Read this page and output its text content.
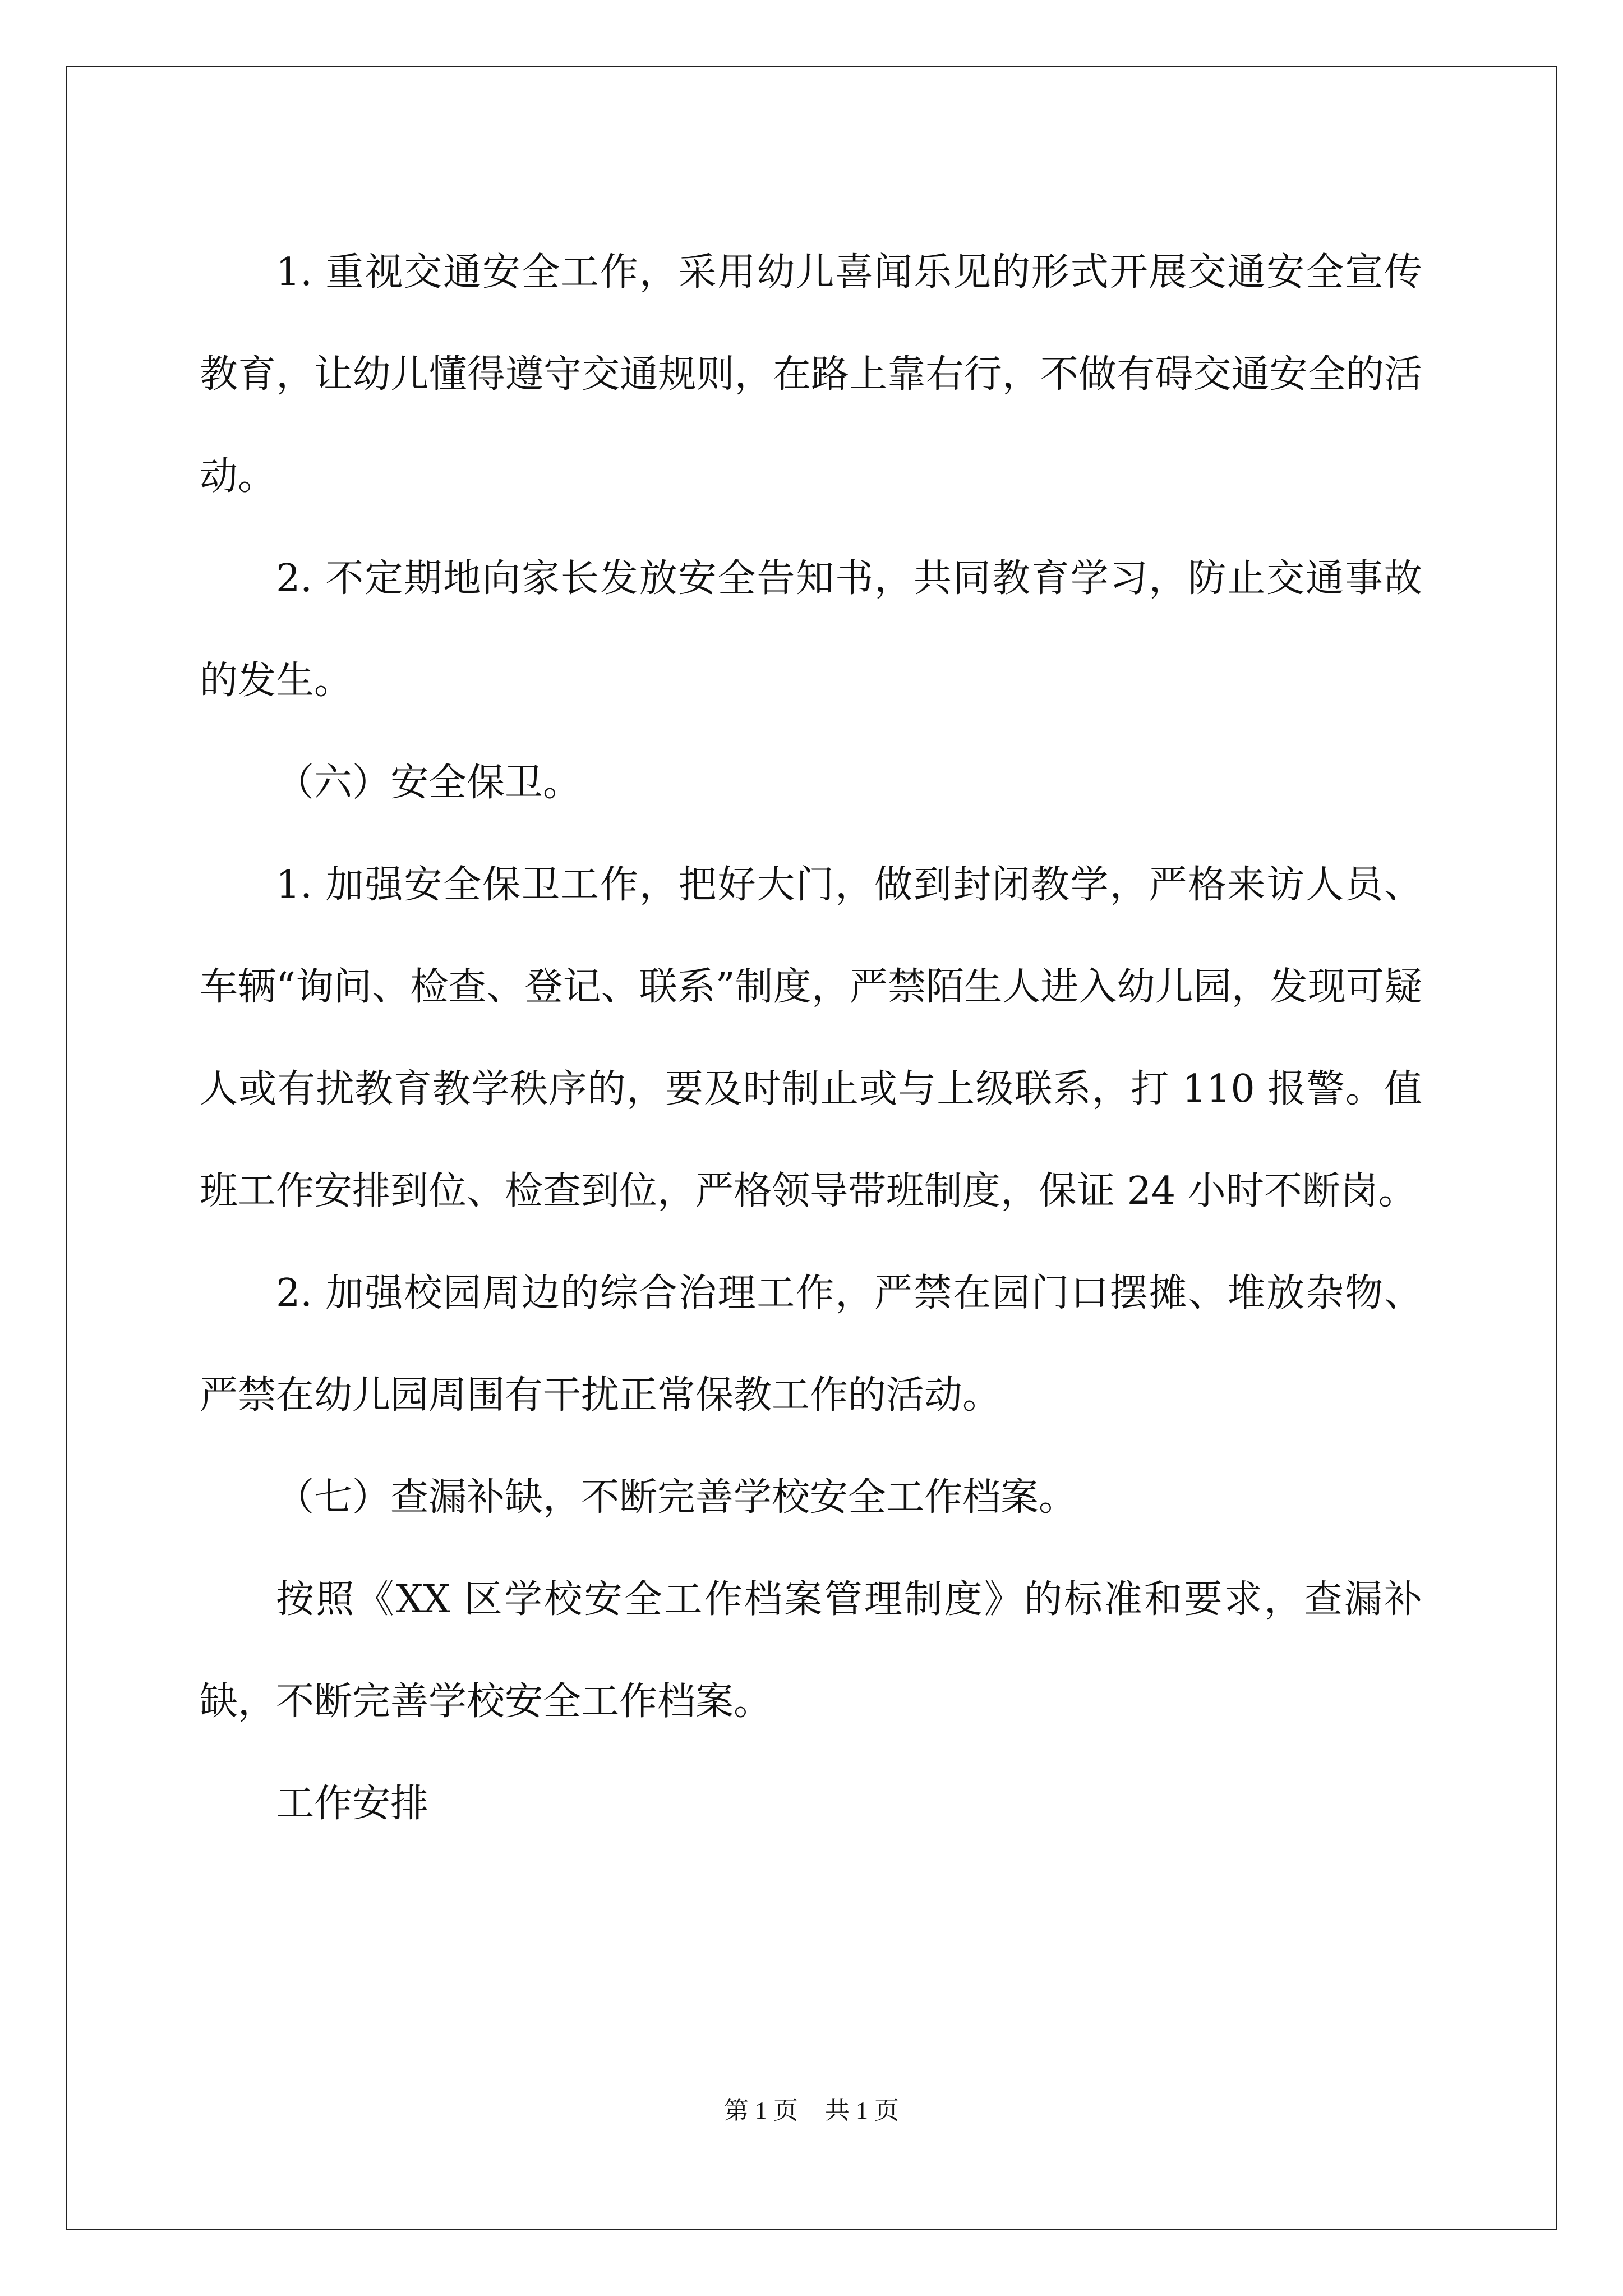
1. 重视交通安全工作，采用幼儿喜闻乐见的形式开展交通安全宣传教育，让幼儿懂得遵守交通规则，在路上靠右行，不做有碍交通安全的活动。

2. 不定期地向家长发放安全告知书，共同教育学习，防止交通事故的发生。

（六）安全保卫。

1. 加强安全保卫工作，把好大门，做到封闭教学，严格来访人员、车辆“询问、检查、登记、联系”制度，严禁陌生人进入幼儿园，发现可疑人或有扰教育教学秩序的，要及时制止或与上级联系，打 110 报警。值班工作安排到位、检查到位，严格领导带班制度，保证 24 小时不断岗。

2. 加强校园周边的综合治理工作，严禁在园门口摆摊、堆放杂物、严禁在幼儿园周围有干扰正常保教工作的活动。

（七）查漏补缺，不断完善学校安全工作档案。

按照《XX 区学校安全工作档案管理制度》的标准和要求，查漏补缺，不断完善学校安全工作档案。

工作安排

第 1 页 共 1 页
